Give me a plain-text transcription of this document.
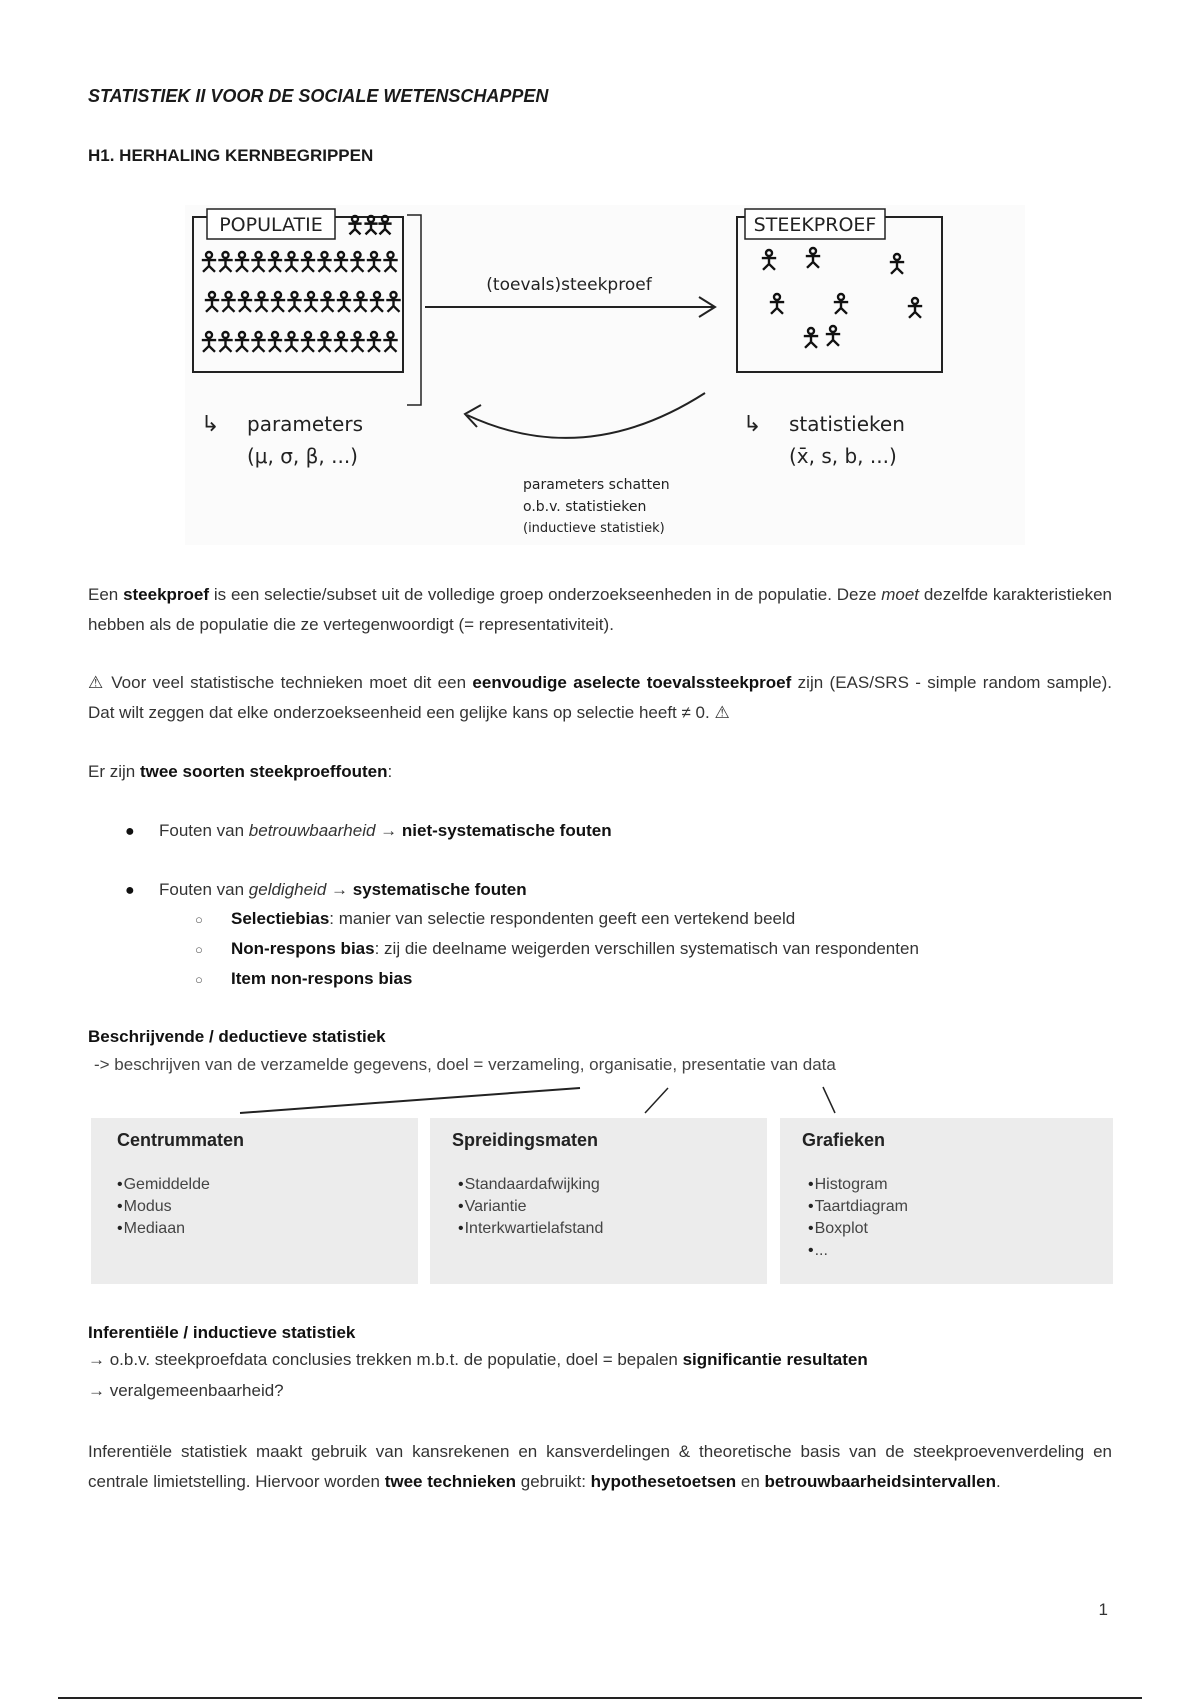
STATISTIEK II VOOR DE SOCIALE WETENSCHAPPEN
H1. HERHALING KERNBEGRIPPEN
POPULATIE	STEEKPROEF
(toevals)steekproef
↳ parameters
(μ, σ, β, ...)
↳ statistieken
(x̄, s, b, ...)
parameters schatten
o.b.v. statistieken
(inductieve statistiek)
Een steekproef is een selectie/subset uit de volledige groep onderzoekseenheden in de populatie. Deze moet dezelfde karakteristieken hebben als de populatie die ze vertegenwoordigt (= representativiteit).
⚠ Voor veel statistische technieken moet dit een eenvoudige aselecte toevalssteekproef zijn (EAS/SRS - simple random sample). Dat wilt zeggen dat elke onderzoekseenheid een gelijke kans op selectie heeft ≠ 0. ⚠
Er zijn twee soorten steekproeffouten:
● Fouten van betrouwbaarheid → niet-systematische fouten
● Fouten van geldigheid → systematische fouten
○ Selectiebias: manier van selectie respondenten geeft een vertekend beeld
○ Non-respons bias: zij die deelname weigerden verschillen systematisch van respondenten
○ Item non-respons bias
Beschrijvende / deductieve statistiek
-> beschrijven van de verzamelde gegevens, doel = verzameling, organisatie, presentatie van data
Centrummaten
• Gemiddelde
• Modus
• Mediaan
Spreidingsmaten
• Standaardafwijking
• Variantie
• Interkwartielafstand
Grafieken
• Histogram
• Taartdiagram
• Boxplot
• ...
Inferentiële / inductieve statistiek
→ o.b.v. steekproefdata conclusies trekken m.b.t. de populatie, doel = bepalen significantie resultaten
→ veralgemeenbaarheid?
Inferentiële statistiek maakt gebruik van kansrekenen en kansverdelingen & theoretische basis van de steekproevenverdeling en centrale limietstelling. Hiervoor worden twee technieken gebruikt: hypothesetoetsen en betrouwbaarheidsintervallen.
1
